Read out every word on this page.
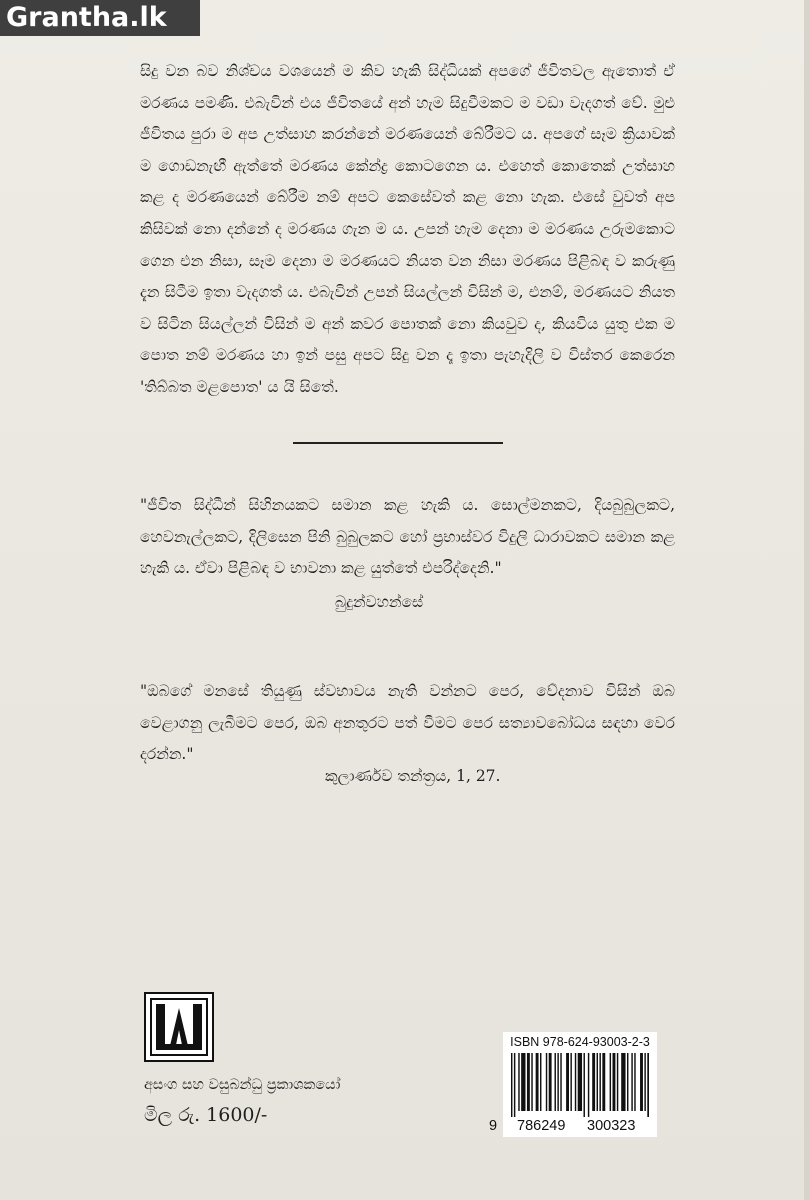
Grantha.lk

සිදු වන බව නිශ්චය වශයෙන් ම කිව හැකි සිද්ධියක් අපගේ ජීවිතවල ඇතොත් ඒ මරණය පමණි. එබැවින් එය ජීවිතයේ අන් හැම සිදුවීමකට ම වඩා වැදගත් වේ. මුළු ජීවිතය පුරා ම අප උත්සාහ කරන්නේ මරණයෙන් බේරීමට ය. අපගේ සෑම ක්‍රියාවක් ම ගොඩනැඟී ඇත්තේ මරණය කේන්ද්‍ර කොටගෙන ය. එහෙත් කොතෙක් උත්සාහ කළ ද මරණයෙන් බේරීම නම් අපට කෙසේවත් කළ නො හැක. එසේ වුවත් අප කිසිවක් නො දන්නේ ද මරණය ගැන ම ය. උපන් හැම දෙනා ම මරණය උරුමකොට ගෙන එන නිසා, සෑම දෙනා ම මරණයට නියත වන නිසා මරණය පිළිබඳ ව කරුණු දැන සිටීම ඉතා වැදගත් ය. එබැවින් උපන් සියල්ලන් විසින් ම, එනම්, මරණයට නියත ව සිටින සියල්ලන් විසින් ම අන් කවර පොතක් නො කියවුව ද, කියවිය යුතු එක ම පොත නම් මරණය හා ඉන් පසු අපට සිදු වන දෑ ඉතා පැහැදිලි ව විස්තර කෙරෙන 'තිබ්බත මළපොත' ය යි සිතේ.

"ජීවිත සිද්ධීන් සිහිනයකට සමාන කළ හැකි ය. සොල්මනකට, දියබුබුලකට, හෙවනැල්ලකට, දිලිසෙන පිනි බුබුලකට හෝ ප්‍රභාස්වර විදුලි ධාරාවකට සමාන කළ හැකි ය. ඒවා පිළිබඳ ව භාවනා කළ යුත්තේ එපරිද්දෙනි."

බුදුන්වහන්සේ

"ඔබගේ මනසේ තියුණු ස්වභාවය නැති වන්නට පෙර, වේදනාව විසින් ඔබ වෙළාගනු ලැබීමට පෙර, ඔබ අනතුරට පත් වීමට පෙර සත්‍යාවබෝධය සඳහා වෙර දරන්න."

කුලාර්ණව තන්ත්‍රය, 1, 27.
අසංග සහ වසුබන්ධු ප්‍රකාශකයෝ
මිල රු. 1600/-
ISBN 978-624-93003-2-3
9 786249 300323
